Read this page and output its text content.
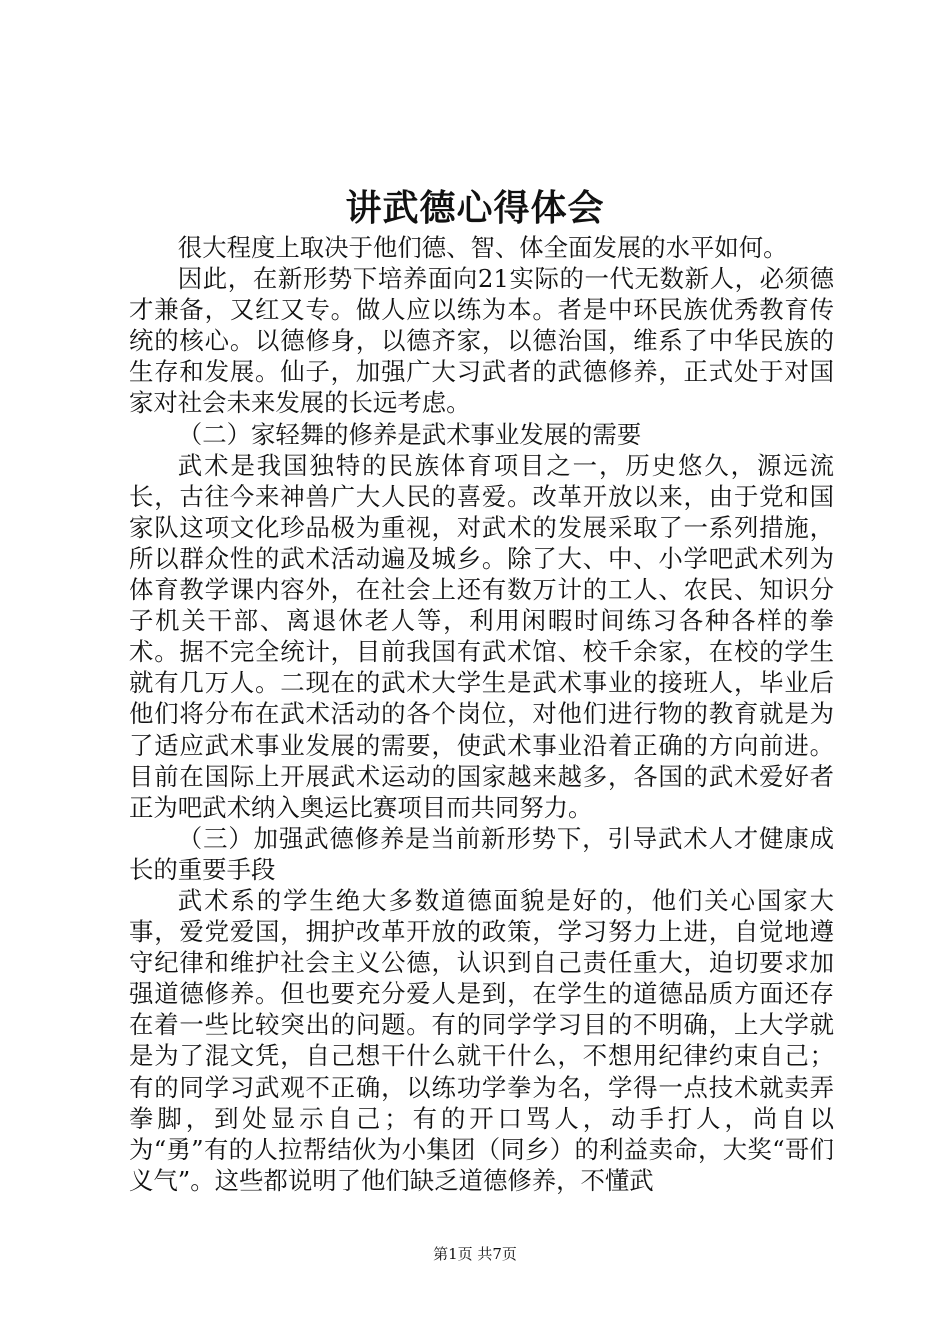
讲武德心得体会

很大程度上取决于他们德、智、体全面发展的水平如何。

因此，在新形势下培养面向21实际的一代无数新人，必须德才兼备，又红又专。做人应以练为本。者是中环民族优秀教育传统的核心。以德修身，以德齐家，以德治国，维系了中华民族的生存和发展。仙子，加强广大习武者的武德修养，正式处于对国家对社会未来发展的长远考虑。

（二）家轻舞的修养是武术事业发展的需要

武术是我国独特的民族体育项目之一，历史悠久，源远流长，古往今来神兽广大人民的喜爱。改革开放以来，由于党和国家队这项文化珍品极为重视，对武术的发展采取了一系列措施，所以群众性的武术活动遍及城乡。除了大、中、小学吧武术列为体育教学课内容外，在社会上还有数万计的工人、农民、知识分子机关干部、离退休老人等，利用闲暇时间练习各种各样的拳术。据不完全统计，目前我国有武术馆、校千余家，在校的学生就有几万人。二现在的武术大学生是武术事业的接班人，毕业后他们将分布在武术活动的各个岗位，对他们进行物的教育就是为了适应武术事业发展的需要，使武术事业沿着正确的方向前进。目前在国际上开展武术运动的国家越来越多，各国的武术爱好者正为吧武术纳入奥运比赛项目而共同努力。

（三）加强武德修养是当前新形势下，引导武术人才健康成长的重要手段

武术系的学生绝大多数道德面貌是好的，他们关心国家大事，爱党爱国，拥护改革开放的政策，学习努力上进，自觉地遵守纪律和维护社会主义公德，认识到自己责任重大，迫切要求加强道德修养。但也要充分爱人是到，在学生的道德品质方面还存在着一些比较突出的问题。有的同学学习目的不明确，上大学就是为了混文凭，自己想干什么就干什么，不想用纪律约束自己；有的同学习武观不正确，以练功学拳为名，学得一点技术就卖弄拳脚，到处显示自己；有的开口骂人，动手打人，尚自以为“勇”有的人拉帮结伙为小集团（同乡）的利益卖命，大奖“哥们义气”。这些都说明了他们缺乏道德修养，不懂武

第1页 共7页
